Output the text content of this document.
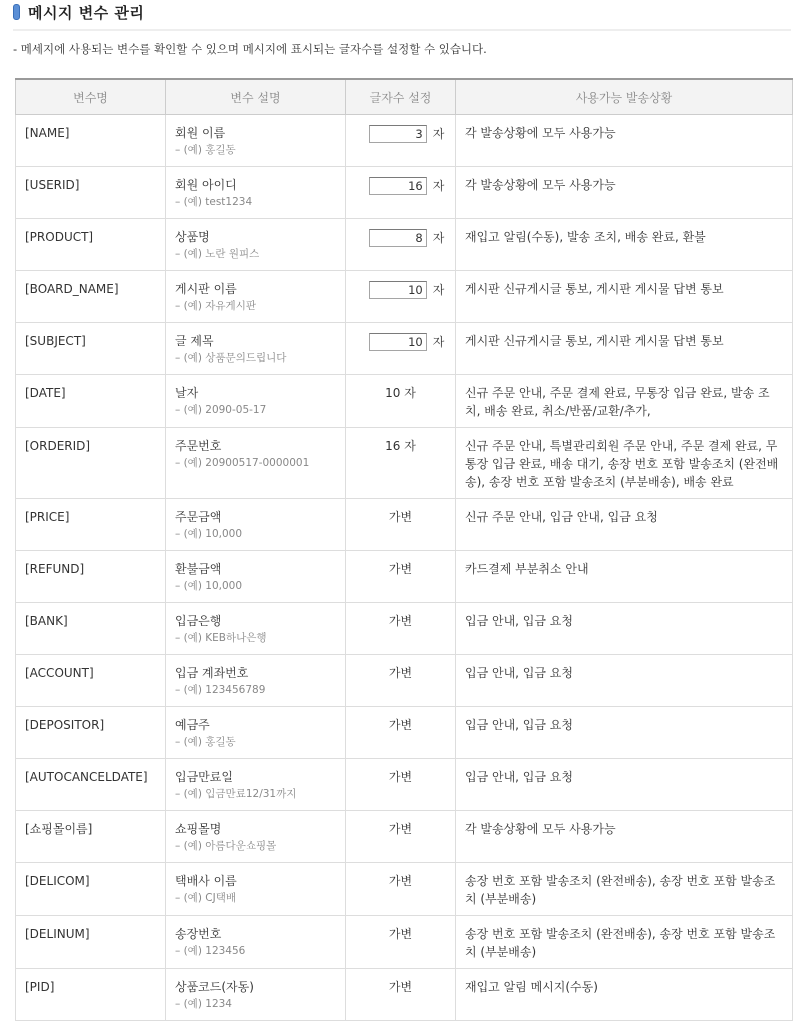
메시지 변수 관리
- 메세지에 사용되는 변수를 확인할 수 있으며 메시지에 표시되는 글자수를 설정할 수 있습니다.
변수명	변수 설명	글자수 설정	사용가능 발송상황
[NAME]	회원 이름
– (예) 홍길동
	3자	각 발송상황에 모두 사용가능
[USERID]	회원 아이디
– (예) test1234
	16자	각 발송상황에 모두 사용가능
[PRODUCT]	상품명
– (예) 노란 원피스
	8자	재입고 알림(수동), 발송 조치, 배송 완료, 환불
[BOARD_NAME]	게시판 이름
– (예) 자유게시판
	10자	게시판 신규게시글 통보, 게시판 게시물 답변 통보
[SUBJECT]	글 제목
– (예) 상품문의드립니다
	10자	게시판 신규게시글 통보, 게시판 게시물 답변 통보
[DATE]	날자
– (예) 2090-05-17	10 자	신규 주문 안내, 주문 결제 완료, 무통장 입금 완료, 발송 조치, 배송 완료, 취소/반품/교환/추가,
[ORDERID]	주문번호
– (예) 20900517-0000001	16 자	신규 주문 안내, 특별관리회원 주문 안내, 주문 결제 완료, 무통장 입금 완료, 배송 대기, 송장 번호 포함 발송조치 (완전배송), 송장 번호 포함 발송조치 (부분배송), 배송 완료
[PRICE]	주문금액
– (예) 10,000	가변	신규 주문 안내, 입금 안내, 입금 요청
[REFUND]	환불금액
– (예) 10,000	가변	카드결제 부분취소 안내
[BANK]	입금은행
– (예) KEB하나은행	가변	입금 안내, 입금 요청
[ACCOUNT]	입금 계좌번호
– (예) 123456789	가변	입금 안내, 입금 요청
[DEPOSITOR]	예금주
– (예) 홍길동	가변	입금 안내, 입금 요청
[AUTOCANCELDATE]	입금만료일
– (예) 입금만료12/31까지	가변	입금 안내, 입금 요청
[쇼핑몰이름]	쇼핑몰명
– (예) 아름다운쇼핑몰	가변	각 발송상황에 모두 사용가능
[DELICOM]	택배사 이름
– (예) CJ택배	가변	송장 번호 포함 발송조치 (완전배송), 송장 번호 포함 발송조치 (부분배송)
[DELINUM]	송장번호
– (예) 123456	가변	송장 번호 포함 발송조치 (완전배송), 송장 번호 포함 발송조치 (부분배송)
[PID]	상품코드(자동)
– (예) 1234	가변	재입고 알림 메시지(수동)
